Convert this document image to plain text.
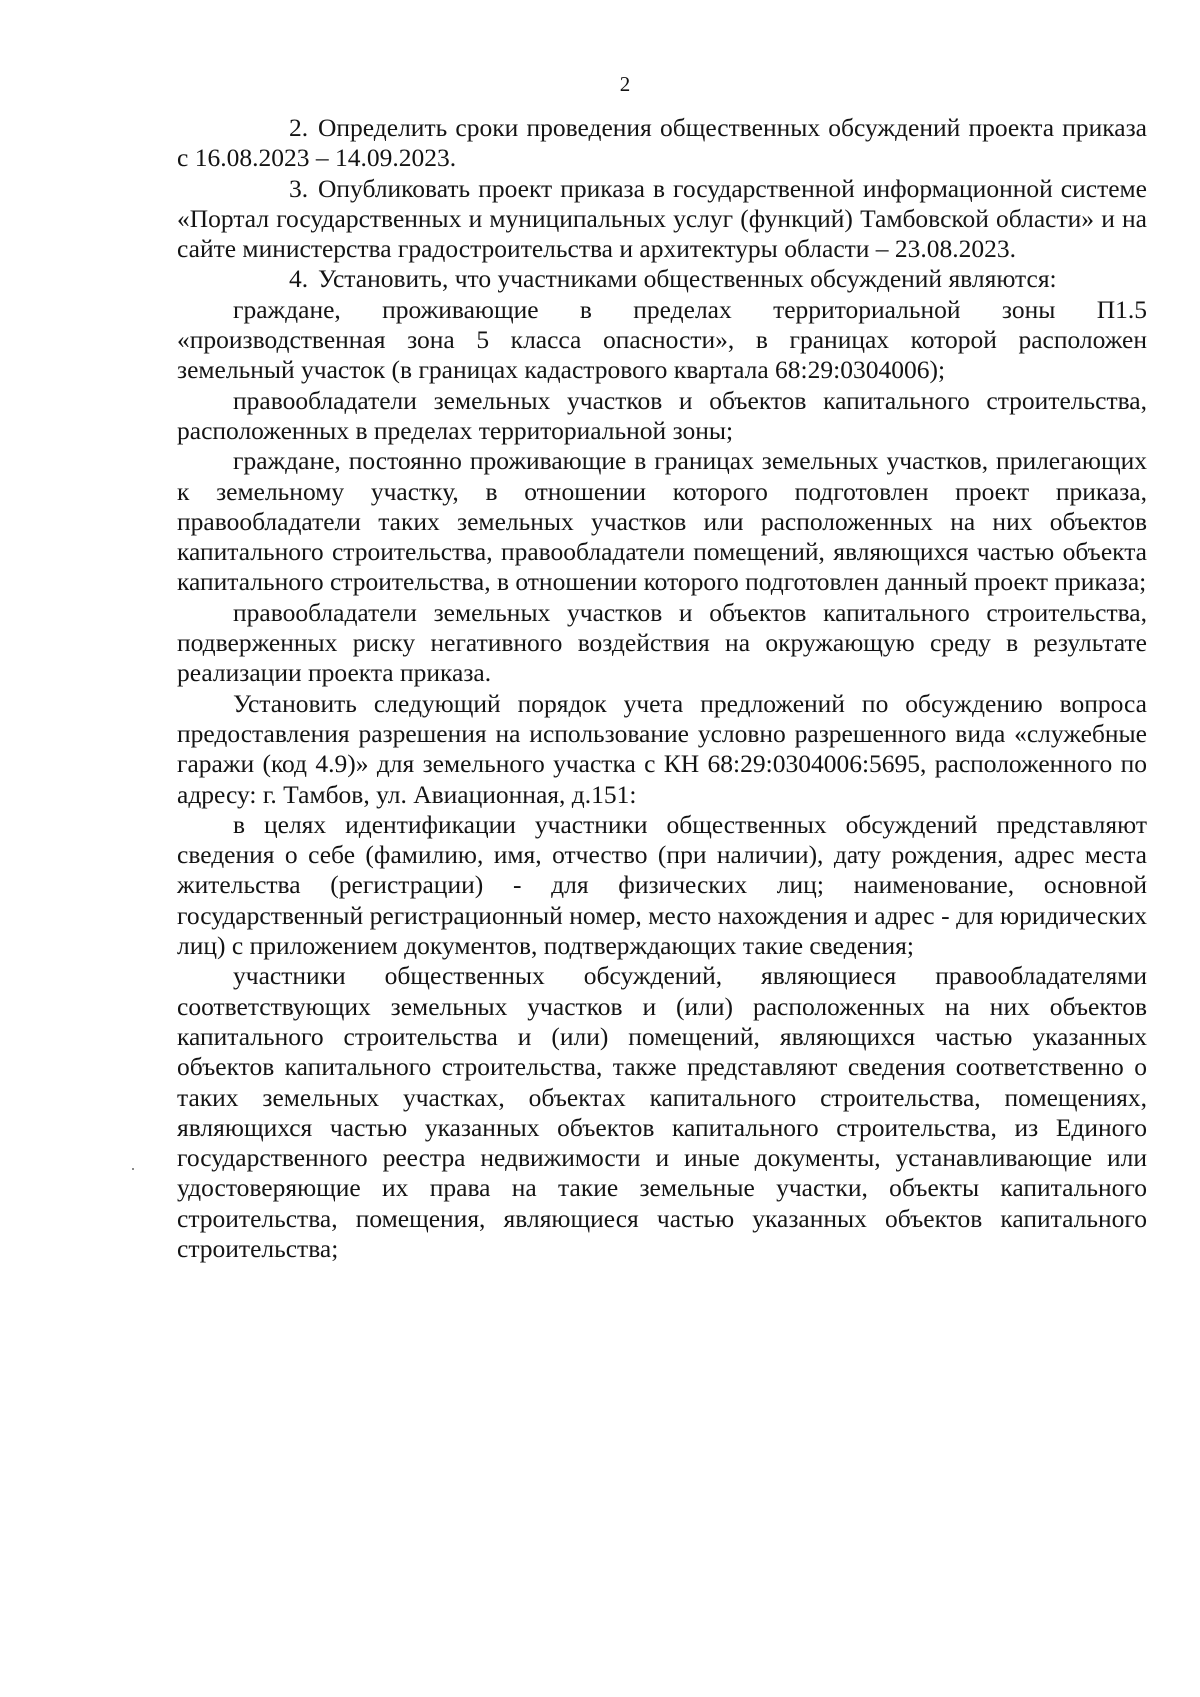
2

2. Определить сроки проведения общественных обсуждений проекта приказа с 16.08.2023 – 14.09.2023.

3. Опубликовать проект приказа в государственной информационной системе «Портал государственных и муниципальных услуг (функций) Тамбовской области» и на сайте министерства градостроительства и архитектуры области – 23.08.2023.

4. Установить, что участниками общественных обсуждений являются:

граждане, проживающие в пределах территориальной зоны П1.5 «производственная зона 5 класса опасности», в границах которой расположен земельный участок (в границах кадастрового квартала 68:29:0304006);

правообладатели земельных участков и объектов капитального строительства, расположенных в пределах территориальной зоны;

граждане, постоянно проживающие в границах земельных участков, прилегающих к земельному участку, в отношении которого подготовлен проект приказа, правообладатели таких земельных участков или расположенных на них объектов капитального строительства, правообладатели помещений, являющихся частью объекта капитального строительства, в отношении которого подготовлен данный проект приказа;

правообладатели земельных участков и объектов капитального строительства, подверженных риску негативного воздействия на окружающую среду в результате реализации проекта приказа.

Установить следующий порядок учета предложений по обсуждению вопроса предоставления разрешения на использование условно разрешенного вида «служебные гаражи (код 4.9)» для земельного участка с КН 68:29:0304006:5695, расположенного по адресу: г. Тамбов, ул. Авиационная, д.151:

в целях идентификации участники общественных обсуждений представляют сведения о себе (фамилию, имя, отчество (при наличии), дату рождения, адрес места жительства (регистрации) - для физических лиц; наименование, основной государственный регистрационный номер, место нахождения и адрес - для юридических лиц) с приложением документов, подтверждающих такие сведения;

участники общественных обсуждений, являющиеся правообладателями соответствующих земельных участков и (или) расположенных на них объектов капитального строительства и (или) помещений, являющихся частью указанных объектов капитального строительства, также представляют сведения соответственно о таких земельных участках, объектах капитального строительства, помещениях, являющихся частью указанных объектов капитального строительства, из Единого государственного реестра недвижимости и иные документы, устанавливающие или удостоверяющие их права на такие земельные участки, объекты капитального строительства, помещения, являющиеся частью указанных объектов капитального строительства;
